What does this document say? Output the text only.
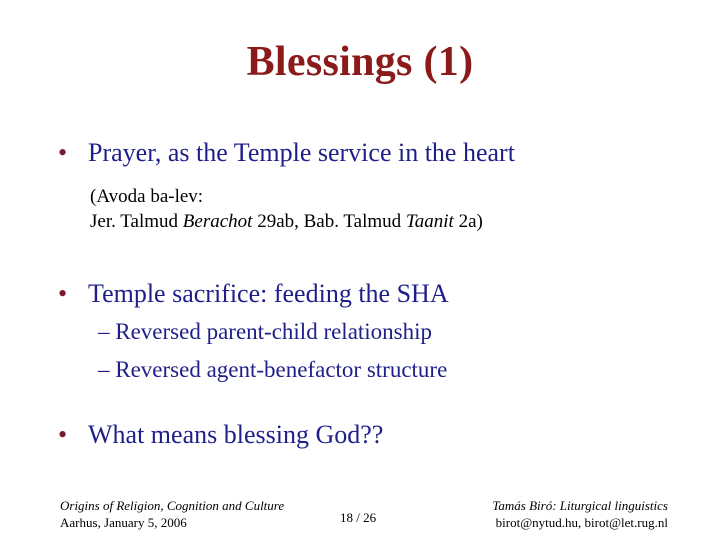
Blessings (1)
• Prayer, as the Temple service in the heart
(Avoda ba-lev:
Jer. Talmud Berachot 29ab, Bab. Talmud Taanit 2a)
• Temple sacrifice: feeding the SHA
– Reversed parent-child relationship
– Reversed agent-benefactor structure
• What means blessing God??
Origins of Religion, Cognition and Culture
Aarhus, January 5, 2006	18 / 26
Tamás Biró: Liturgical linguistics
birot@nytud.hu, birot@let.rug.nl
